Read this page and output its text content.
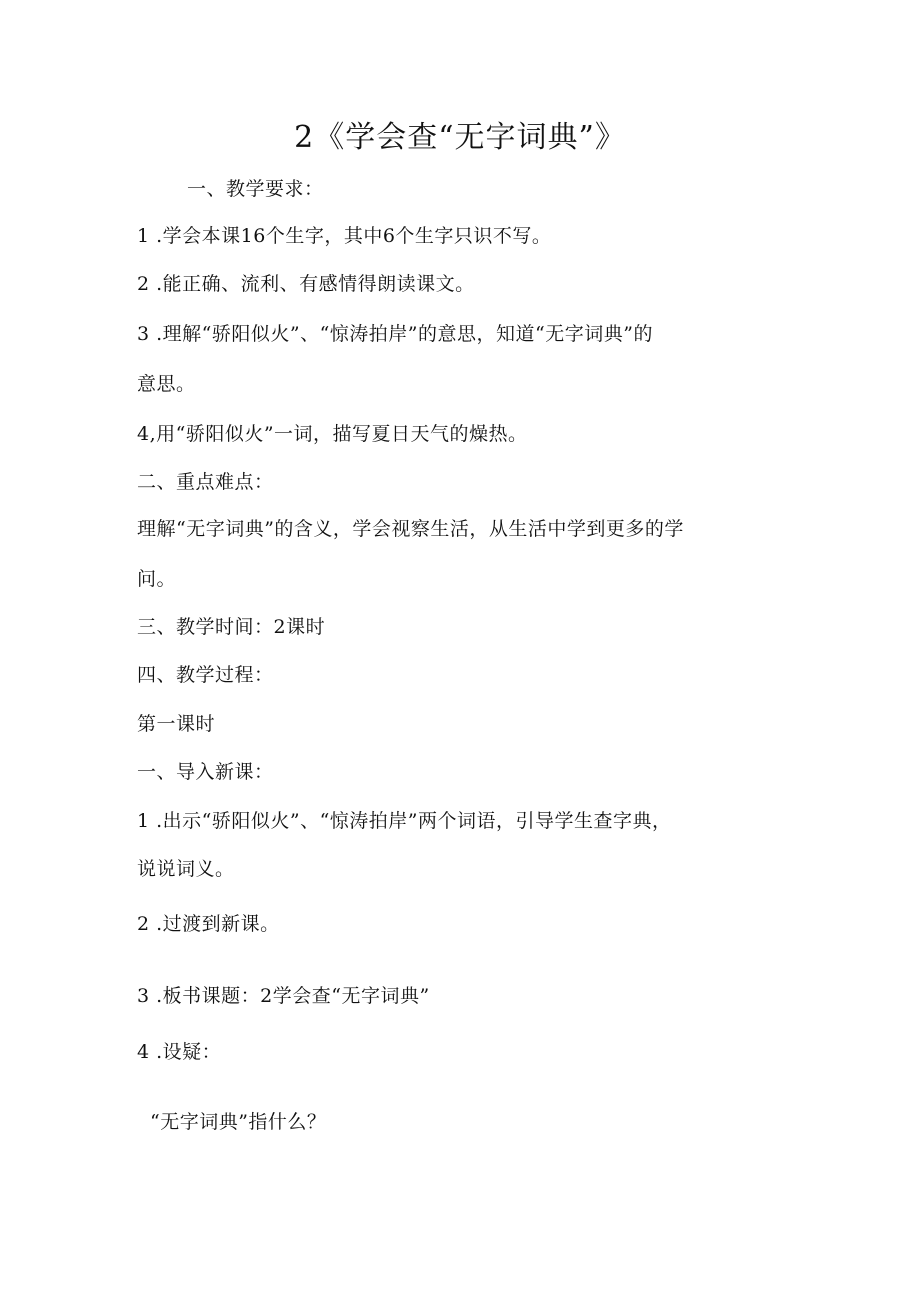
2《学会查“无字词典”》
一、教学要求：
1 .学会本课16个生字，其中6个生字只识不写。
2 .能正确、流利、有感情得朗读课文。
3 .理解“骄阳似火”、“惊涛拍岸”的意思，知道“无字词典”的
意思。
4,用“骄阳似火”一词，描写夏日天气的燥热。
二、重点难点：
理解“无字词典”的含义，学会视察生活，从生活中学到更多的学
问。
三、教学时间：2课时
四、教学过程：
第一课时
一、导入新课：
1 .出示“骄阳似火”、“惊涛拍岸”两个词语，引导学生查字典，
说说词义。
2 .过渡到新课。
3 .板书课题：2学会查“无字词典”
4 .设疑：
“无字词典”指什么？
